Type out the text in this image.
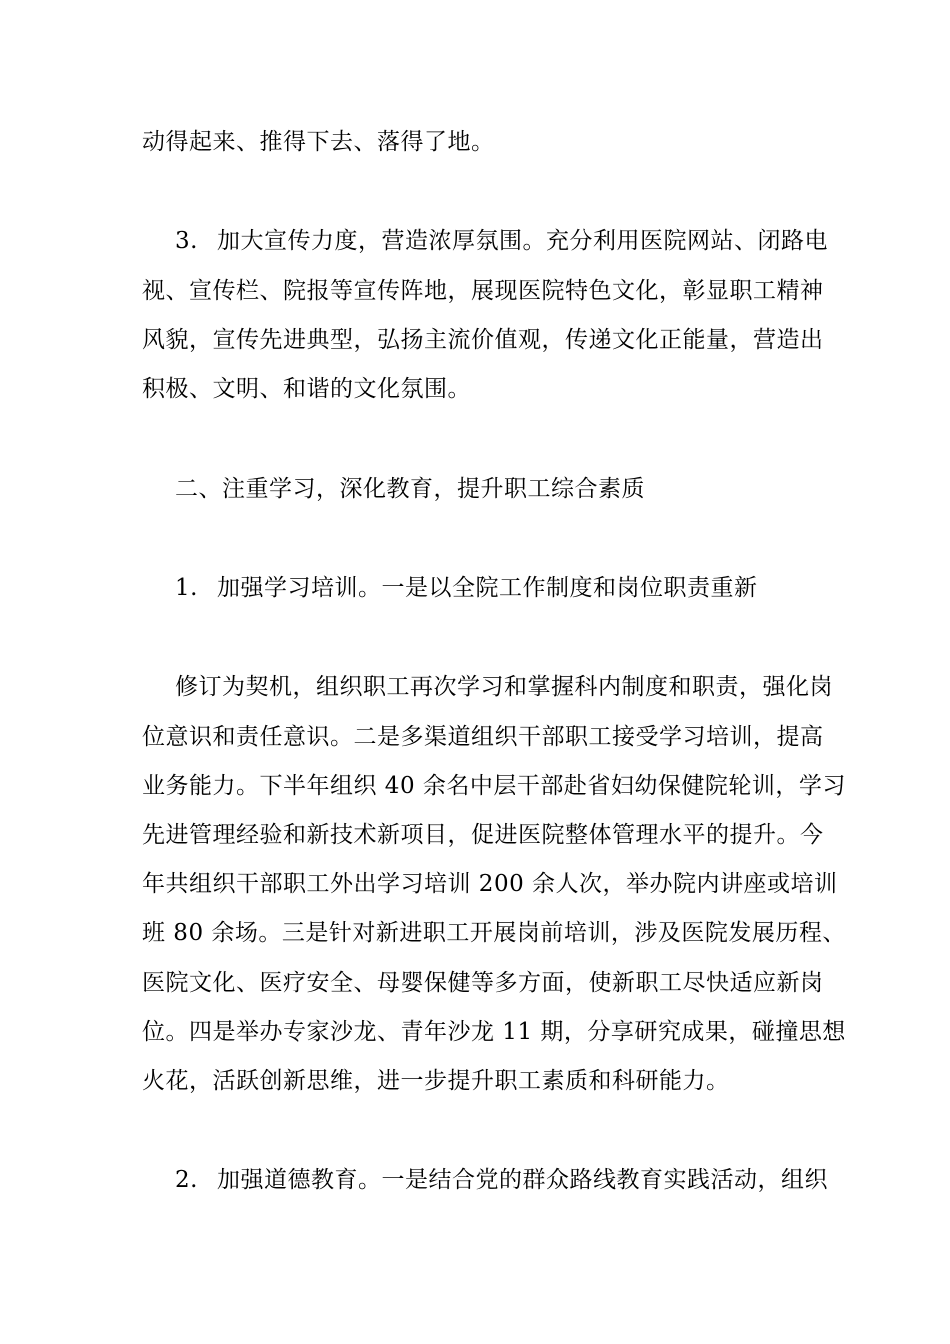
动得起来、推得下去、落得了地。
3. 加大宣传力度，营造浓厚氛围。充分利用医院网站、闭路电
视、宣传栏、院报等宣传阵地，展现医院特色文化，彰显职工精神
风貌，宣传先进典型，弘扬主流价值观，传递文化正能量，营造出
积极、文明、和谐的文化氛围。
二、注重学习，深化教育，提升职工综合素质
1. 加强学习培训。一是以全院工作制度和岗位职责重新
修订为契机，组织职工再次学习和掌握科内制度和职责，强化岗
位意识和责任意识。二是多渠道组织干部职工接受学习培训，提高
业务能力。下半年组织 40 余名中层干部赴省妇幼保健院轮训，学习
先进管理经验和新技术新项目，促进医院整体管理水平的提升。今
年共组织干部职工外出学习培训 200 余人次，举办院内讲座或培训
班 80 余场。三是针对新进职工开展岗前培训，涉及医院发展历程、
医院文化、医疗安全、母婴保健等多方面，使新职工尽快适应新岗
位。四是举办专家沙龙、青年沙龙 11 期，分享研究成果，碰撞思想
火花，活跃创新思维，进一步提升职工素质和科研能力。
2. 加强道德教育。一是结合党的群众路线教育实践活动，组织
